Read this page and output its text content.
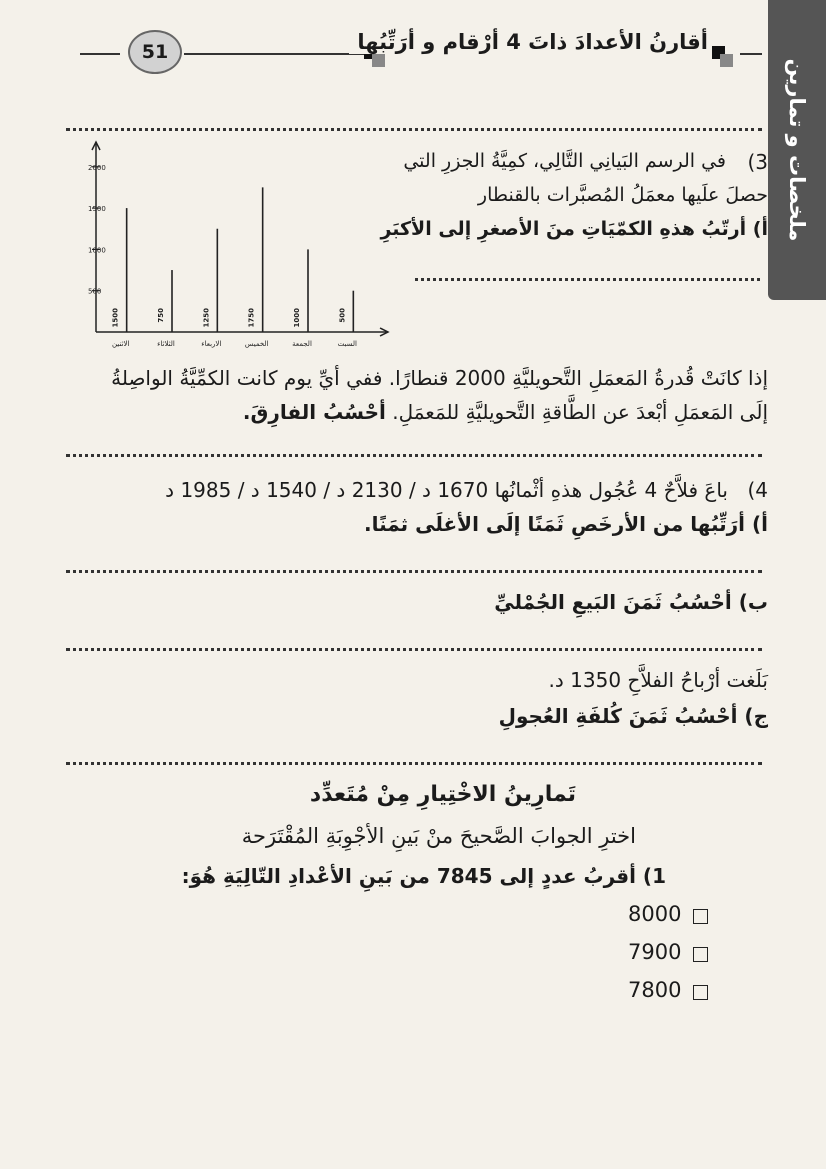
ملخصات و تمارين
51	أقارنُ الأعدادَ ذاتَ 4 أرْقام و أرَتِّبُها
3)
في الرسم البَيانِي التَّالِي، كمِيَّةُ الجزرِ التي
حصلَ علَيها معمَلُ المُصبَّرات بالقنطار
أ) أرتّبُ هذهِ الكمّيَاتِ منَ الأصغرِ إلى الأكبَرِ
500
1000
1500
2000
1500
الاثنين
750
الثلاثاء
1250
الاربعاء
1750
الخميس
1000
الجمعة
500
السبت
إذا كانَتْ قُدرةُ المَعمَلِ التَّحويليَّةِ 2000 قنطارًا. ففي أيِّ يوم كانت الكمِّيَّةُ الواصِلةُ
إلَى المَعمَلِ أبْعدَ عن الطَّاقةِ التَّحويليَّةِ للمَعمَلِ. أحْسُبُ الفارِقَ.
4)
باعَ فلاَّحٌ 4 عُجُول هذهِ أثْمانُها 1670 د / 2130 د / 1540 د / 1985 د
أ) أرَتِّبُها من الأرخَصِ ثَمَنًا إلَى الأغلَى ثمَنًا.
ب) أحْسُبُ ثَمَنَ البَيعِ الجُمْليِّ
بَلَغت أرْباحُ الفلاَّحِ 1350 د.
ج) أحْسُبُ ثَمَنَ كُلفَةِ العُجولِ
تَمارِينُ الاخْتِيارِ مِنْ مُتَعدِّد
اخترِ الجوابَ الصَّحيحَ منْ بَينِ الأجْوِبَةِ المُقْتَرَحة
1) أقربُ عددٍ إلى 7845 من بَينِ الأعْدادِ التّالِيَةِ هُوَ:
8000
7900
7800
